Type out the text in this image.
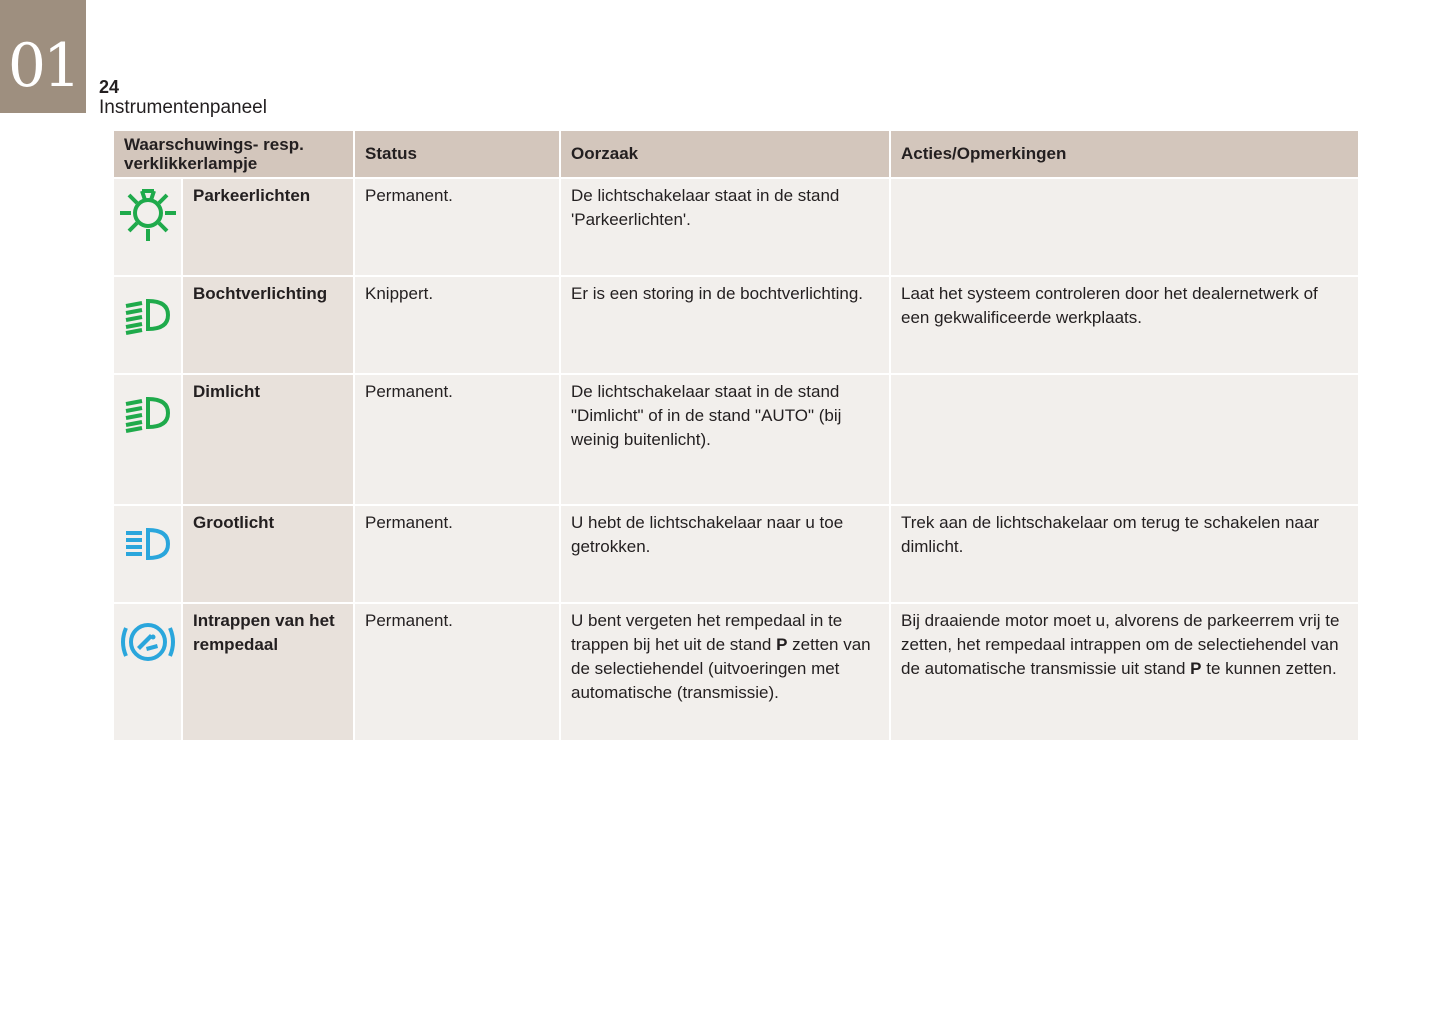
01	24
Instrumentenpaneel
Waarschuwings- resp. verklikkerlampje		Status	Oorzaak	Acties/Opmerkingen

	Parkeerlichten	Permanent.	De lichtschakelaar staat in de stand 'Parkeerlichten'.	

	Bochtverlichting	Knippert.	Er is een storing in de bochtverlichting.	Laat het systeem controleren door het dealernetwerk of een gekwalificeerde werkplaats.

	Dimlicht	Permanent.	De lichtschakelaar staat in de stand "Dimlicht" of in de stand "AUTO" (bij weinig buitenlicht).	

	Grootlicht	Permanent.	U hebt de lichtschakelaar naar u toe getrokken.	Trek aan de lichtschakelaar om terug te schakelen naar dimlicht.

	Intrappen van het rempedaal	Permanent.	U bent vergeten het rempedaal in te trappen bij het uit de stand P zetten van de selectiehendel (uitvoeringen met automatische (transmissie).	Bij draaiende motor moet u, alvorens de parkeerrem vrij te zetten, het rempedaal intrappen om de selectiehendel van de automatische transmissie uit stand P te kunnen zetten.
